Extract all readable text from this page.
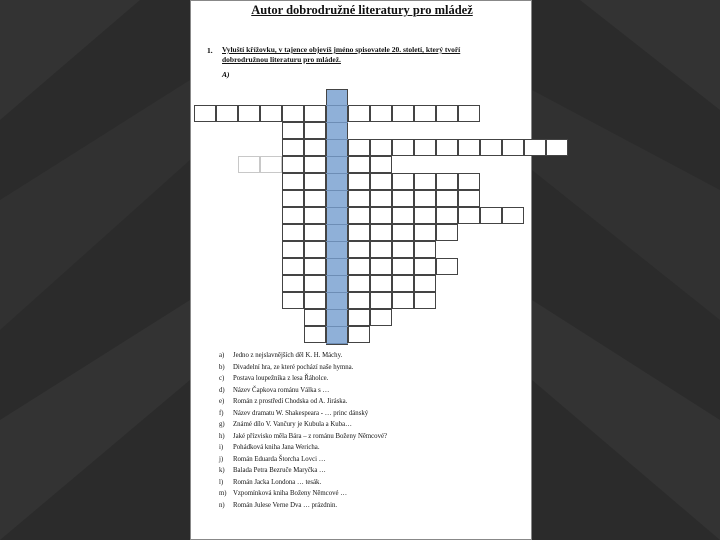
Autor dobrodružné literatury pro mládež
1. Vyluští křížovku, v tajence objevíš jméno spisovatele 20. století, který tvoří
dobrodružnou literaturu pro mládež.
A)
a) Jedno z nejslavnějších děl K. H. Máchy.
b) Divadelní hra, ze které pochází naše hymna.
c) Postava loupežníka z lesa Řáholce.
d) Název Čapkova románu Válka s …
e) Román z prostředí Chodska od A. Jiráska.
f) Název dramatu W. Shakespeara - … princ dánský
g) Známé dílo V. Vančury je Kubula a Kuba…
h) Jaké přízvisko měla Bára – z románu Boženy Němcové?
i) Pohádková kniha Jana Wericha.
j) Román Eduarda Štorcha Lovci …
k) Balada Petra Bezruče Maryčka …
l) Román Jacka Londona … tesák.
m) Vzpomínková kniha Boženy Němcové …
n) Román Julese Verne Dva … prázdnin.
